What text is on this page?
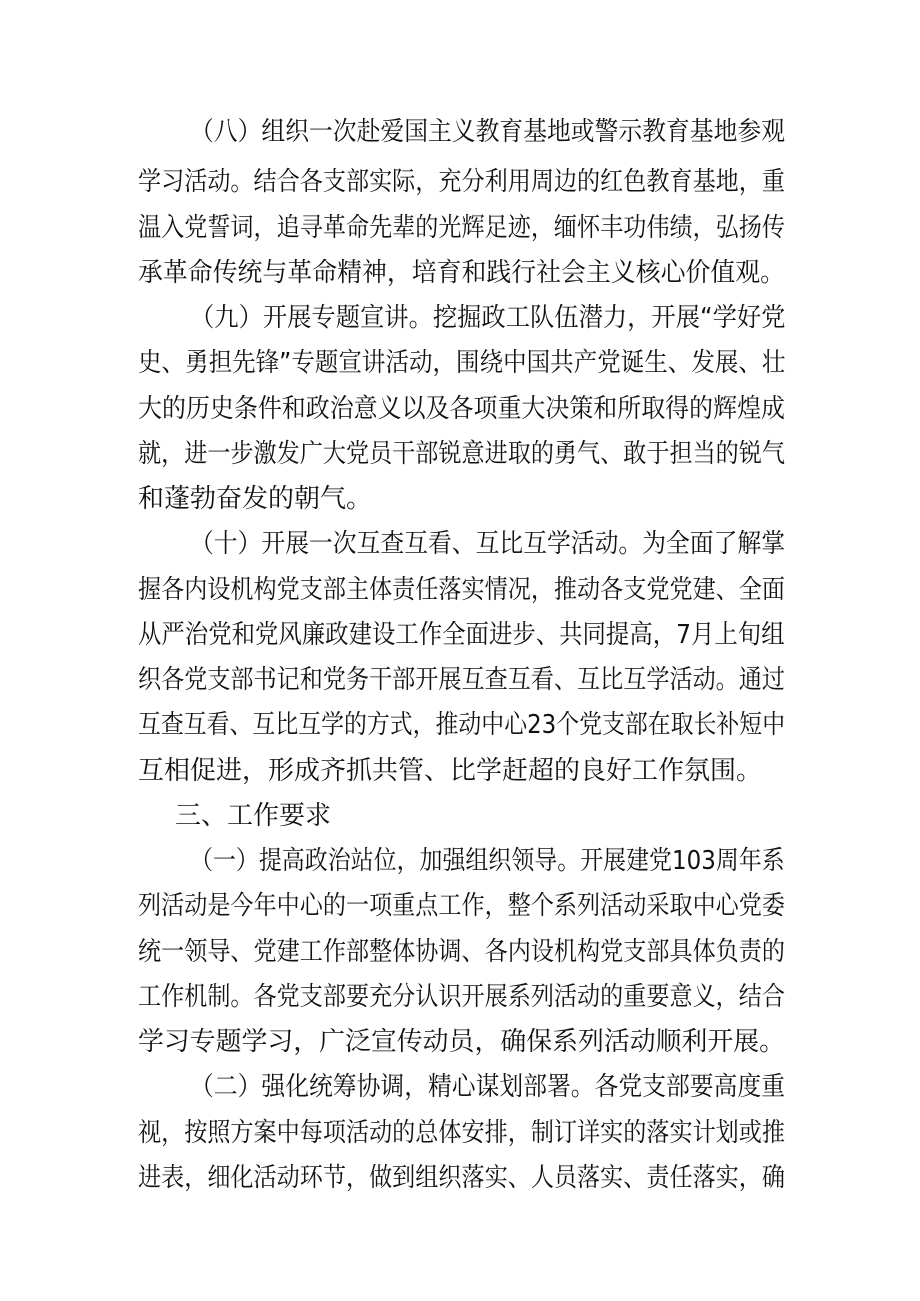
（八）组织一次赴爱国主义教育基地或警示教育基地参观
学习活动。结合各支部实际，充分利用周边的红色教育基地，重
温入党誓词，追寻革命先辈的光辉足迹，缅怀丰功伟绩，弘扬传
承革命传统与革命精神，培育和践行社会主义核心价值观。
（九）开展专题宣讲。挖掘政工队伍潜力，开展“学好党
史、勇担先锋”专题宣讲活动，围绕中国共产党诞生、发展、壮
大的历史条件和政治意义以及各项重大决策和所取得的辉煌成
就，进一步激发广大党员干部锐意进取的勇气、敢于担当的锐气
和蓬勃奋发的朝气。
（十）开展一次互查互看、互比互学活动。为全面了解掌
握各内设机构党支部主体责任落实情况，推动各支党党建、全面
从严治党和党风廉政建设工作全面进步、共同提高，7月上旬组
织各党支部书记和党务干部开展互查互看、互比互学活动。通过
互查互看、互比互学的方式，推动中心23个党支部在取长补短中
互相促进，形成齐抓共管、比学赶超的良好工作氛围。
三、工作要求
（一）提高政治站位，加强组织领导。开展建党103周年系
列活动是今年中心的一项重点工作，整个系列活动采取中心党委
统一领导、党建工作部整体协调、各内设机构党支部具体负责的
工作机制。各党支部要充分认识开展系列活动的重要意义，结合
学习专题学习，广泛宣传动员，确保系列活动顺利开展。
（二）强化统筹协调，精心谋划部署。各党支部要高度重
视，按照方案中每项活动的总体安排，制订详实的落实计划或推
进表，细化活动环节，做到组织落实、人员落实、责任落实，确
